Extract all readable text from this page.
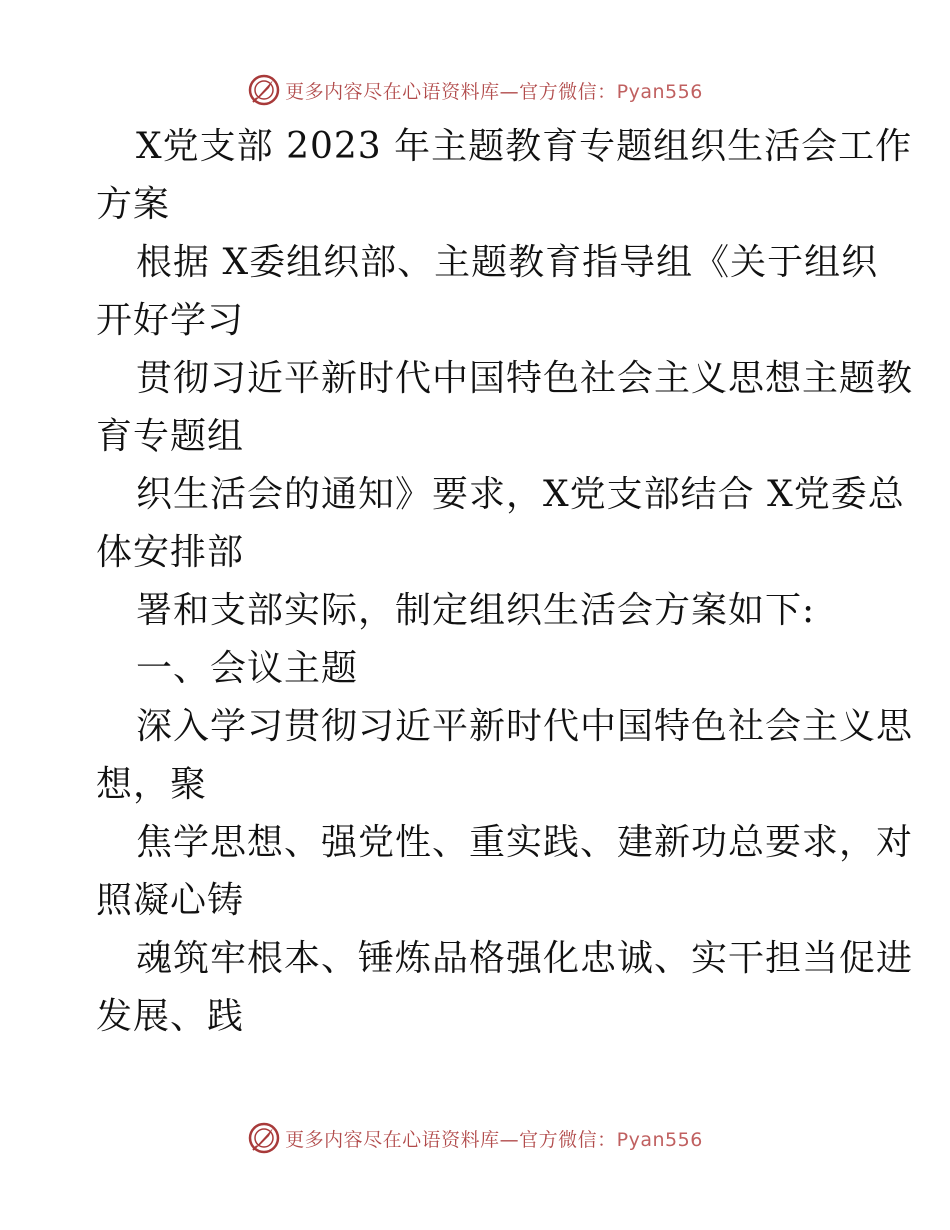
更多内容尽在心语资料库—官方微信：Pyan556
X党支部 2023 年主题教育专题组织生活会工作
方案
根据 X委组织部、主题教育指导组《关于组织
开好学习
贯彻习近平新时代中国特色社会主义思想主题教
育专题组
织生活会的通知》要求，X党支部结合 X党委总
体安排部
署和支部实际，制定组织生活会方案如下:
一、会议主题
深入学习贯彻习近平新时代中国特色社会主义思
想，聚
焦学思想、强党性、重实践、建新功总要求，对
照凝心铸
魂筑牢根本、锤炼品格强化忠诚、实干担当促进
发展、践
更多内容尽在心语资料库—官方微信：Pyan556
